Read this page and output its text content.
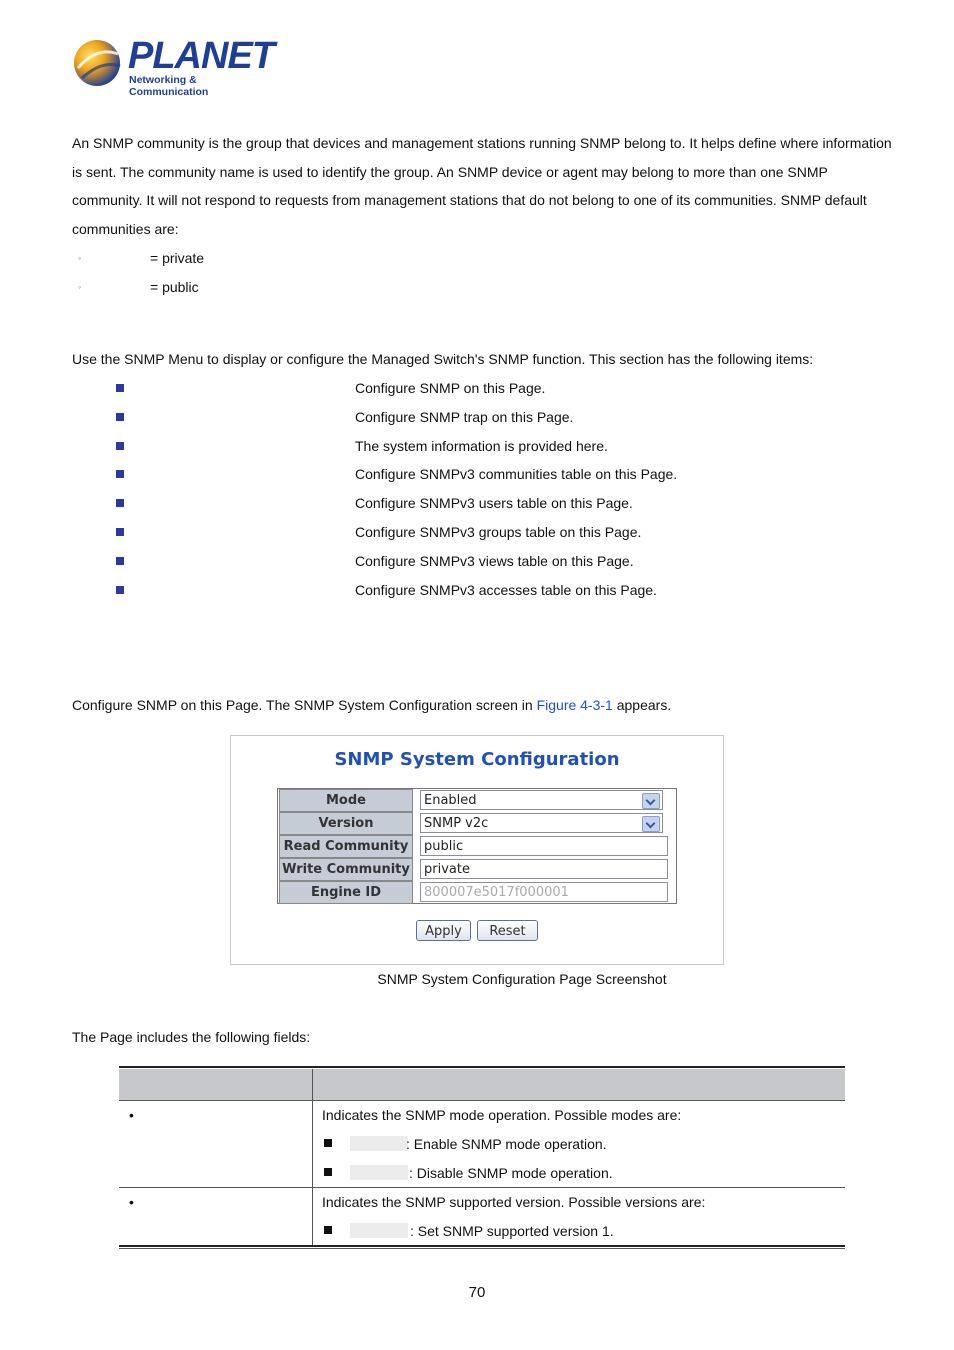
PLANET
Networking & Communication
An SNMP community is the group that devices and management stations running SNMP belong to. It helps define where information is sent. The community name is used to identify the group. An SNMP device or agent may belong to more than one SNMP community. It will not respond to requests from management stations that do not belong to one of its communities. SNMP default communities are:
◦	= private
◦	= public
Use the SNMP Menu to display or configure the Managed Switch's SNMP function. This section has the following items:
Configure SNMP on this Page.
Configure SNMP trap on this Page.
The system information is provided here.
Configure SNMPv3 communities table on this Page.
Configure SNMPv3 users table on this Page.
Configure SNMPv3 groups table on this Page.
Configure SNMPv3 views table on this Page.
Configure SNMPv3 accesses table on this Page.
Configure SNMP on this Page. The SNMP System Configuration screen in Figure 4-3-1 appears.
SNMP System Configuration
Mode	Enabled
Version	SNMP v2c
Read Community	public
Write Community	private
Engine ID	800007e5017f000001
Apply	Reset
SNMP System Configuration Page Screenshot
The Page includes the following fields:
•	Indicates the SNMP mode operation. Possible modes are:
: Enable SNMP mode operation.
: Disable SNMP mode operation.
•	Indicates the SNMP supported version. Possible versions are:
: Set SNMP supported version 1.
70
